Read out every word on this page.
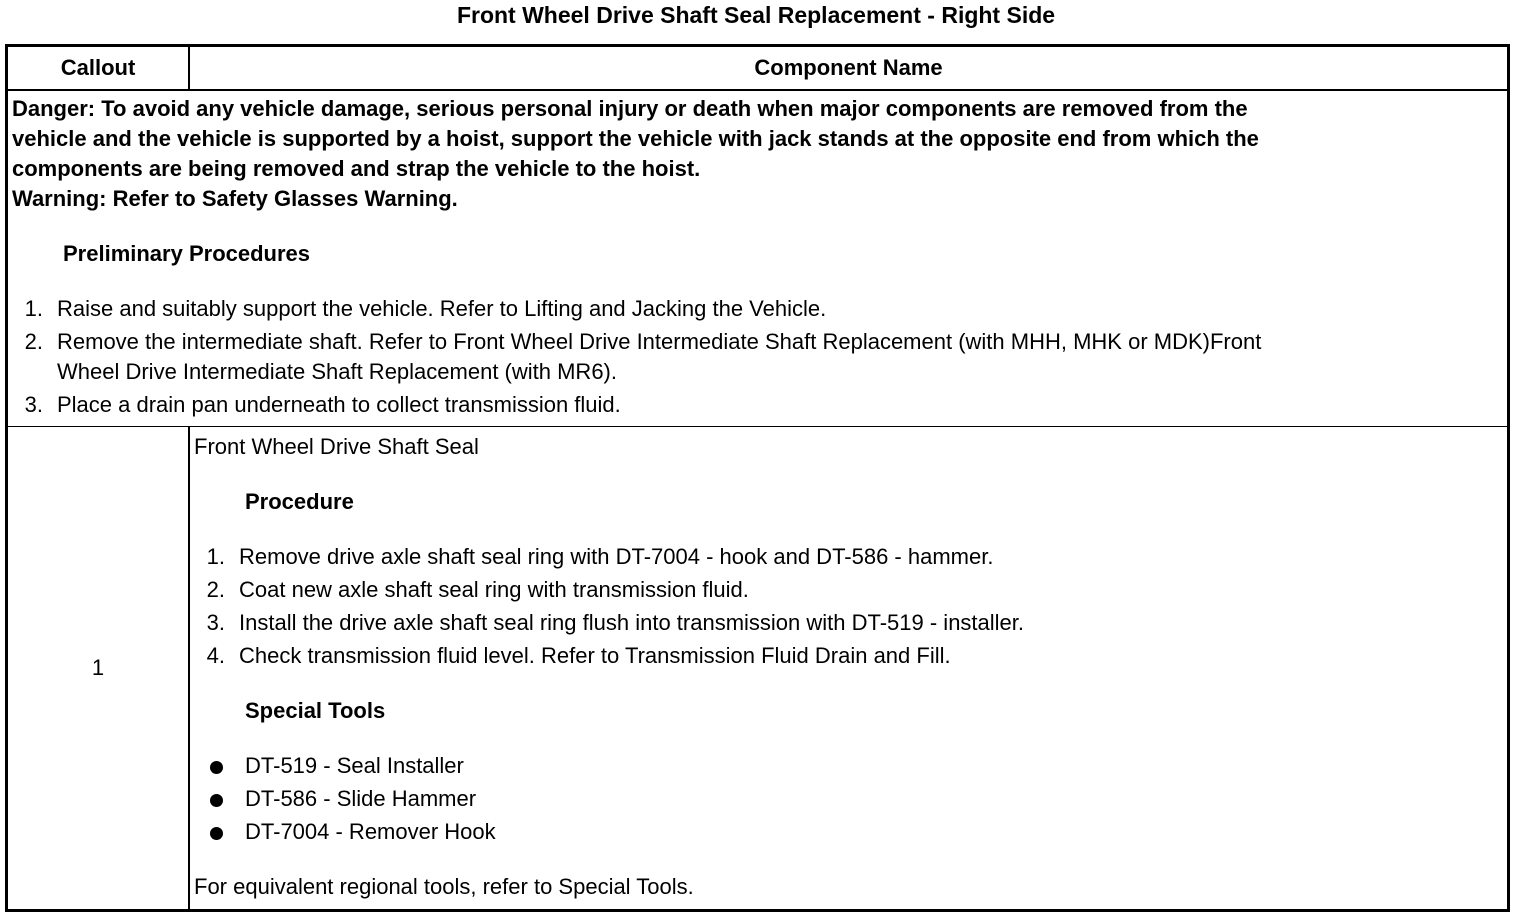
Front Wheel Drive Shaft Seal Replacement - Right Side
Callout	Component Name
Danger: To avoid any vehicle damage, serious personal injury or death when major components are removed from the
vehicle and the vehicle is supported by a hoist, support the vehicle with jack stands at the opposite end from which the
components are being removed and strap the vehicle to the hoist.
Warning: Refer to Safety Glasses Warning.
Preliminary Procedures
1. Raise and suitably support the vehicle. Refer to Lifting and Jacking the Vehicle.
2. Remove the intermediate shaft. Refer to Front Wheel Drive Intermediate Shaft Replacement (with MHH, MHK or MDK)Front
Wheel Drive Intermediate Shaft Replacement (with MR6).
3. Place a drain pan underneath to collect transmission fluid.
1
Front Wheel Drive Shaft Seal
Procedure
1. Remove drive axle shaft seal ring with DT-7004 - hook and DT-586 - hammer.
2. Coat new axle shaft seal ring with transmission fluid.
3. Install the drive axle shaft seal ring flush into transmission with DT-519 - installer.
4. Check transmission fluid level. Refer to Transmission Fluid Drain and Fill.
Special Tools
DT-519 - Seal Installer
DT-586 - Slide Hammer
DT-7004 - Remover Hook
For equivalent regional tools, refer to Special Tools.
